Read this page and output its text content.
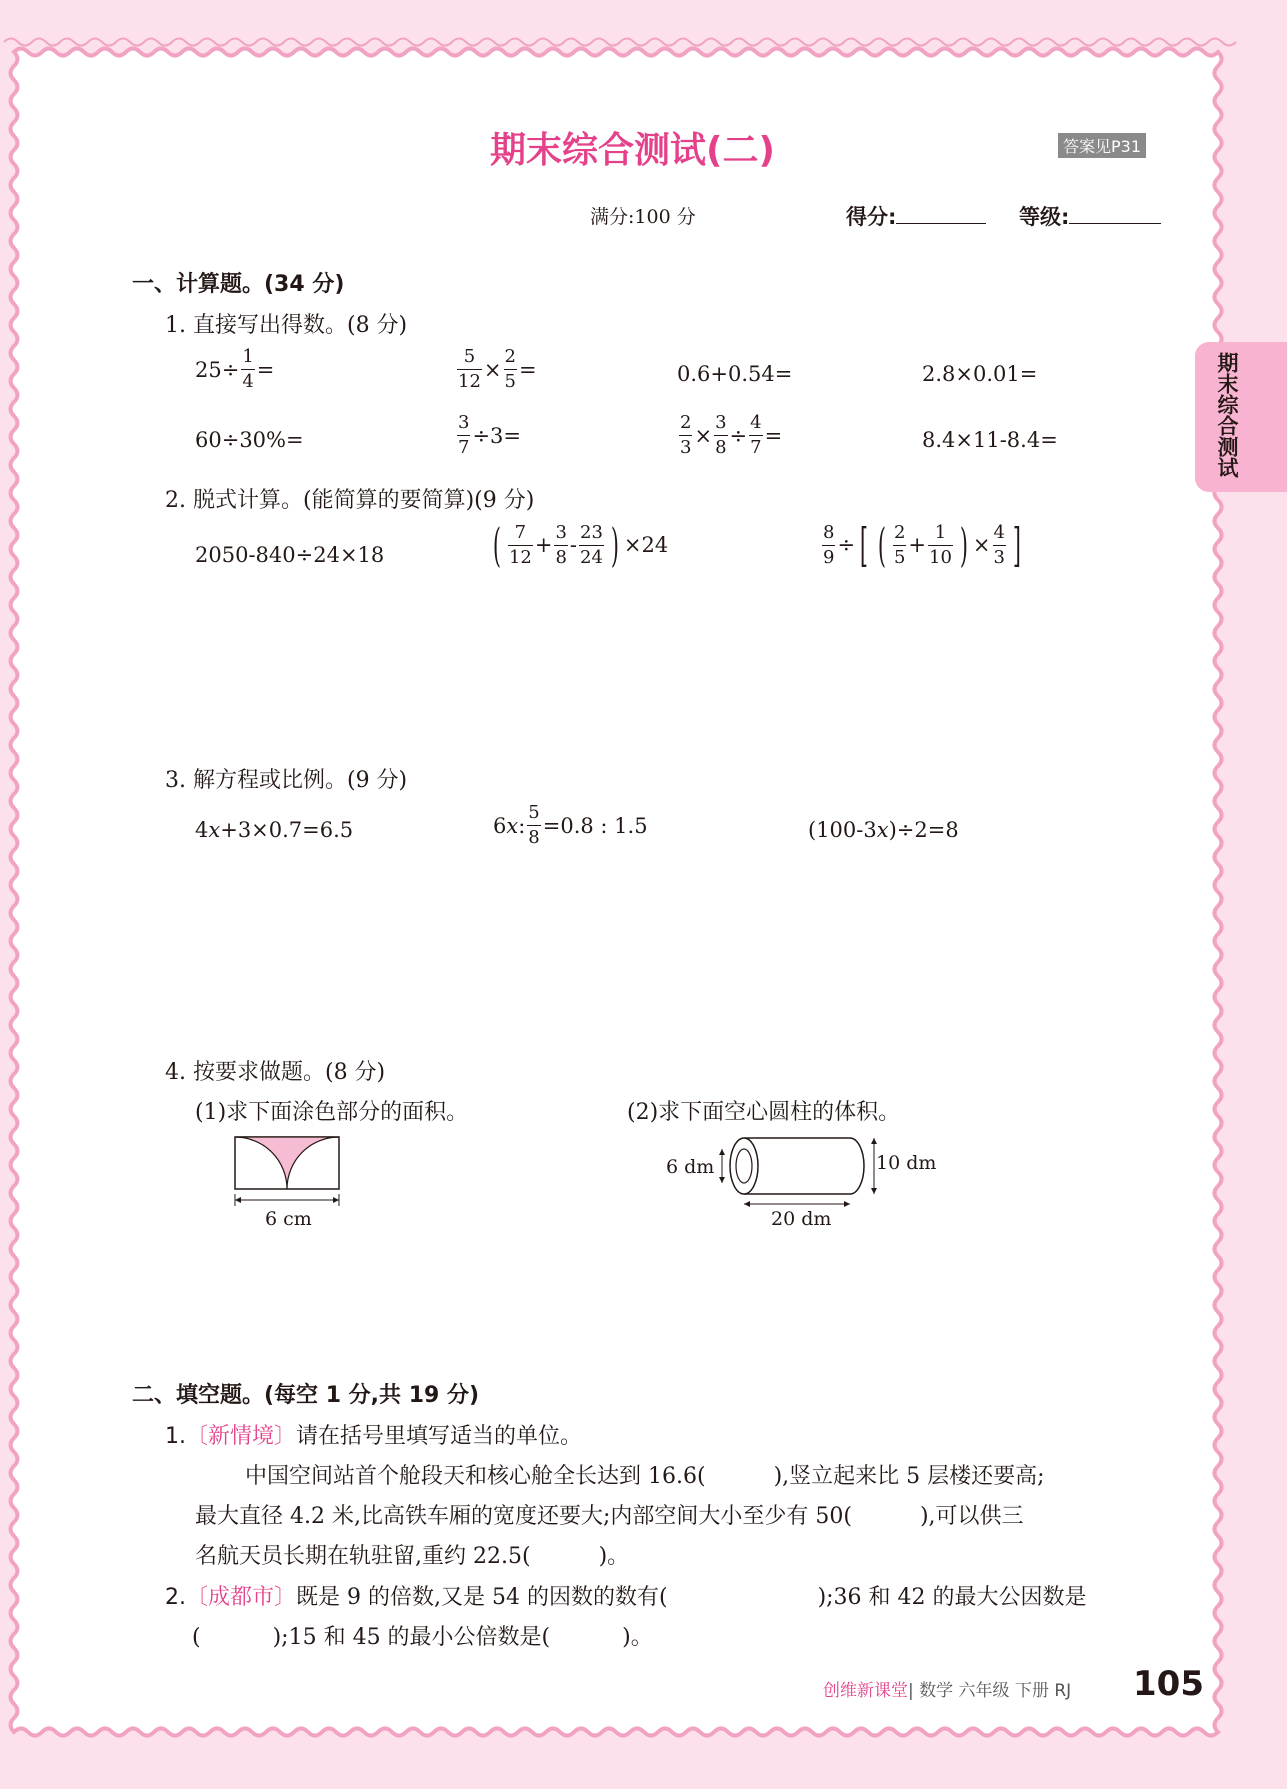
期末综合测试(二)	答案见P31
满分:100 分	得分:	等级:
期末综合测试
一、计算题。(34 分)
1. 直接写出得数。(8 分)
$25\div \frac{1}{4}$ =	$\frac{5}{12} \times \frac{2}{5}$ =	0.6+0.54=	2.8×0.01=
60÷30%=	$\frac{3}{7} \div 3=$	$\frac{2}{3} \times \frac{3}{8} \div \frac{4}{7}$ =	8.4×11-8.4=
2. 脱式计算。(能简算的要简算)(9 分)
2050-840÷24×18 ( $\frac{7}{12} + \frac{3}{8} - \frac{23}{24}$ ) ×24	$\frac{8}{9}$ ÷ [ ( $\frac{2}{5} + \frac{1}{10}$ ) × $\frac{4}{3}$ ]
3. 解方程或比例。(9 分)
4 x +3×0.7=6.5	6 x : $\frac{5}{8} =0.8$ : 1.5	(100-3 x )÷2=8
4. 按要求做题。(8 分)
(1)求下面涂色部分的面积。	(2)求下面空心圆柱的体积。
6 cm
6 dm	10 dm
20 dm
二、填空题。(每空 1 分,共 19 分)
1.〔新情境〕请在括号里填写适当的单位。
中国空间站首个舱段天和核心舱全长达到 16.6(	),竖立起来比 5 层楼还要高;
最大直径 4.2 米,比高铁车厢的宽度还要大;内部空间大小至少有 50(	),可以供三
名航天员长期在轨驻留,重约 22.5(	)。
2.〔成都市〕既是 9 的倍数,又是 54 的因数的数有(	);36 和 42 的最大公因数是
(	);15 和 45 的最小公倍数是(	)。
创维新课堂| 数学 六年级 下册 RJ 105
